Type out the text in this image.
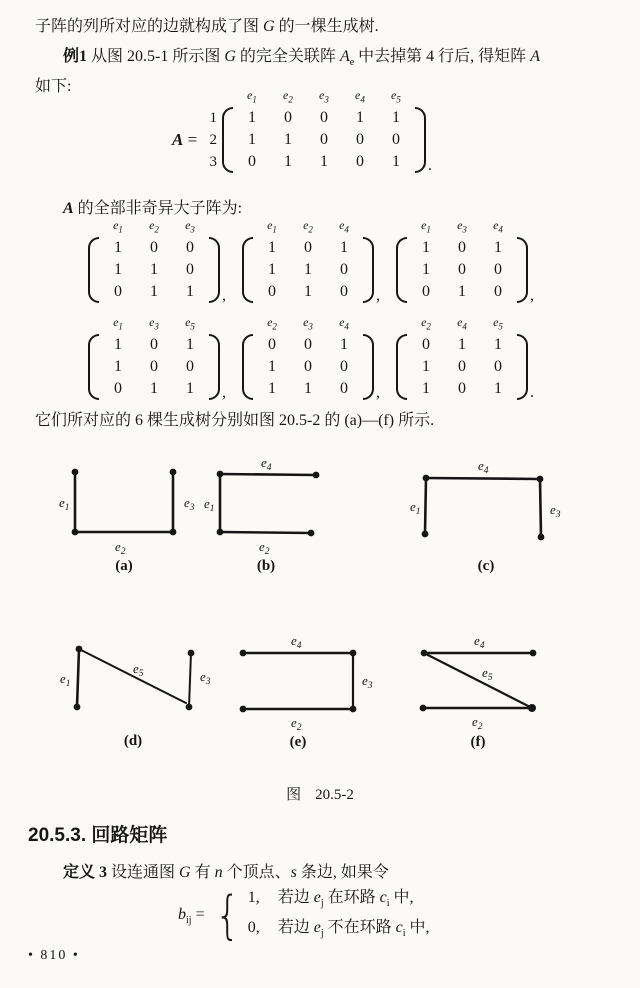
子阵的列所对应的边就构成了图 G 的一棵生成树.

例1 从图 20.5-1 所示图 G 的完全关联阵 $A_e$ 中去掉第 4 行后, 得矩阵 A

如下:	$e_1$ $e_2$ $e_3$ $e_4$ $e_5$
A =
1
2
3
1	0	0	1	1
1	1	0	0	0
0	1	1	0	1	.

A 的全部非奇异大子阵为:

$e_1$ $e_2$ $e_3$
1	0	0
1	1	0
0	1	1	,
$e_1$ $e_2$ $e_4$
1	0	1
1	1	0
0	1	0	,
$e_1$ $e_3$ $e_4$
1	0	1
1	0	0
0	1	0	,
$e_1$ $e_3$ $e_5$
1	0	1
1	0	0
0	1	1	,
$e_2$ $e_3$ $e_4$
0	0	1
1	0	0
1	1	0	,
$e_2$ $e_4$ $e_5$
0	1	1
1	0	0
1	0	1	.

它们所对应的 6 棵生成树分别如图 20.5-2 的 (a)—(f) 所示.

$e_1$
$e_2$
$e_3$
(a)
$e_1$
$e_4$
$e_2$
(b)
$e_1$
$e_4$
$e_3$
(c)
$e_1$
$e_5$	$e_3$
(d)
$e_4$
$e_3$
$e_2$
(e)
$e_4$
$e_5$
$e_2$
(f)
图 20.5-2
20.5.3. 回路矩阵

定义 3 设连通图 G 有 n 个顶点、s 条边, 如果令

$b_{ij}$ = { 1, 若边 $e_j$ 在环路 $c_i$ 中,
0, 若边 $e_j$ 不在环路 $c_i$ 中,
• 810 •
